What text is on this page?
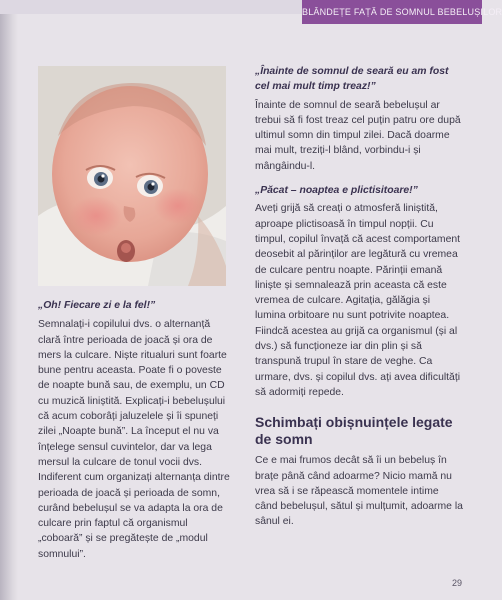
BLÂNDEȚE FAȚĂ DE SOMNUL BEBELUȘILOR

„Oh! Fiecare zi e la fel!”

Semnalați-i copilului dvs. o alternanță clară între perioada de joacă și ora de mers la culcare. Niște ritualuri sunt foarte bune pentru aceasta. Poate fi o poveste de noapte bună sau, de exemplu, un CD cu muzică liniștită. Explicați-i bebelușului că acum coborâți jaluzelele și îi spuneți zilei „Noapte bună”. La început el nu va înțelege sensul cuvintelor, dar va lega mersul la culcare de tonul vocii dvs. Indiferent cum organizați alternanța dintre perioada de joacă și perioada de somn, curând bebelușul se va adapta la ora de culcare prin faptul că organismul „coboară” și se pregătește de „modul somnului”.

„Înainte de somnul de seară eu am fost cel mai mult timp treaz!”

Înainte de somnul de seară bebelușul ar trebui să fi fost treaz cel puțin patru ore după ultimul somn din timpul zilei. Dacă doarme mai mult, treziți-l blând, vorbindu-i și mângâindu-l.

„Păcat – noaptea e plictisitoare!”

Aveți grijă să creați o atmosferă liniștită, aproape plictisoasă în timpul nopții. Cu timpul, copilul învață că acest comportament deosebit al părinților are legătură cu vremea de culcare pentru noapte. Părinții emană liniște și semnalează prin aceasta că este vremea de culcare. Agitația, gălăgia și lumina orbitoare nu sunt potrivite noaptea. Fiindcă acestea au grijă ca organismul (și al dvs.) să funcționeze iar din plin și să transpună trupul în stare de veghe. Ca urmare, dvs. și copilul dvs. ați avea dificultăți să adormiți repede.

Schimbați obișnuințele legate de somn

Ce e mai frumos decât să îi un bebeluș în brațe până când adoarme? Nicio mamă nu vrea să i se răpească momentele intime când bebelușul, sătul și mulțumit, adoarme la sânul ei.

29
